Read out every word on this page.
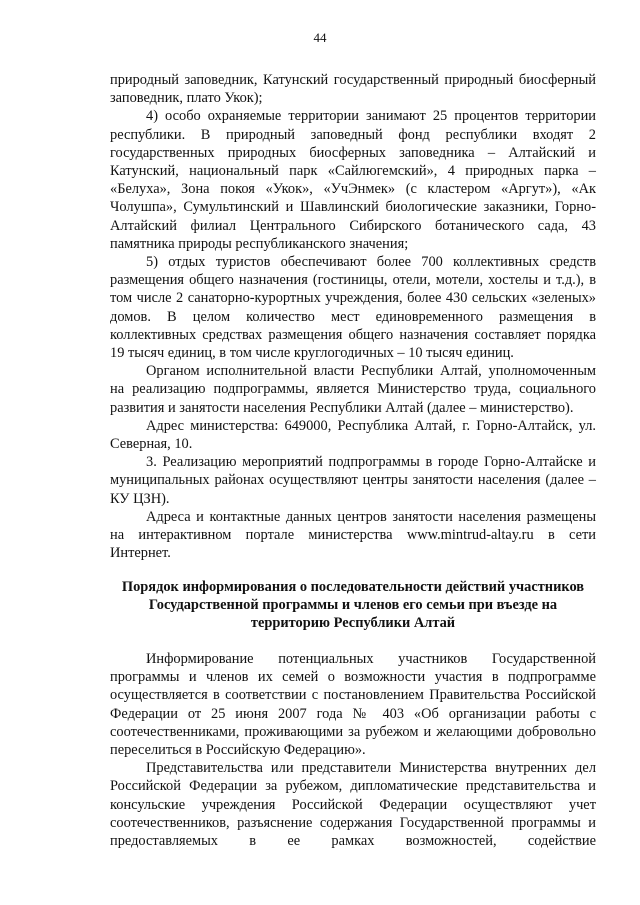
44

природный заповедник, Катунский государственный природный биосферный заповедник, плато Укок);

4) особо охраняемые территории занимают 25 процентов территории республики. В природный заповедный фонд республики входят 2 государственных природных биосферных заповедника – Алтайский и Катунский, национальный парк «Сайлюгемский», 4 природных парка – «Белуха», Зона покоя «Укок», «УчЭнмек» (с кластером «Аргут»), «Ак Чолушпа», Сумультинский и Шавлинский биологические заказники, Горно-Алтайский филиал Центрального Сибирского ботанического сада, 43 памятника природы республиканского значения;

5) отдых туристов обеспечивают более 700 коллективных средств размещения общего назначения (гостиницы, отели, мотели, хостелы и т.д.), в том числе 2 санаторно-курортных учреждения, более 430 сельских «зеленых» домов. В целом количество мест единовременного размещения в коллективных средствах размещения общего назначения составляет порядка 19 тысяч единиц, в том числе круглогодичных – 10 тысяч единиц.

Органом исполнительной власти Республики Алтай, уполномоченным на реализацию подпрограммы, является Министерство труда, социального развития и занятости населения Республики Алтай (далее – министерство).

Адрес министерства: 649000, Республика Алтай, г. Горно-Алтайск, ул. Северная, 10.

3. Реализацию мероприятий подпрограммы в городе Горно-Алтайске и муниципальных районах осуществляют центры занятости населения (далее – КУ ЦЗН).

Адреса и контактные данных центров занятости населения размещены на интерактивном портале министерства www.mintrud-altay.ru в сети Интернет.

Порядок информирования о последовательности действий участников Государственной программы и членов его семьи при въезде на территорию Республики Алтай

Информирование потенциальных участников Государственной программы и членов их семей о возможности участия в подпрограмме осуществляется в соответствии с постановлением Правительства Российской Федерации от 25 июня 2007 года № 403 «Об организации работы с соотечественниками, проживающими за рубежом и желающими добровольно переселиться в Российскую Федерацию».

Представительства или представители Министерства внутренних дел Российской Федерации за рубежом, дипломатические представительства и консульские учреждения Российской Федерации осуществляют учет соотечественников, разъяснение содержания Государственной программы и предоставляемых в ее рамках возможностей, содействие
